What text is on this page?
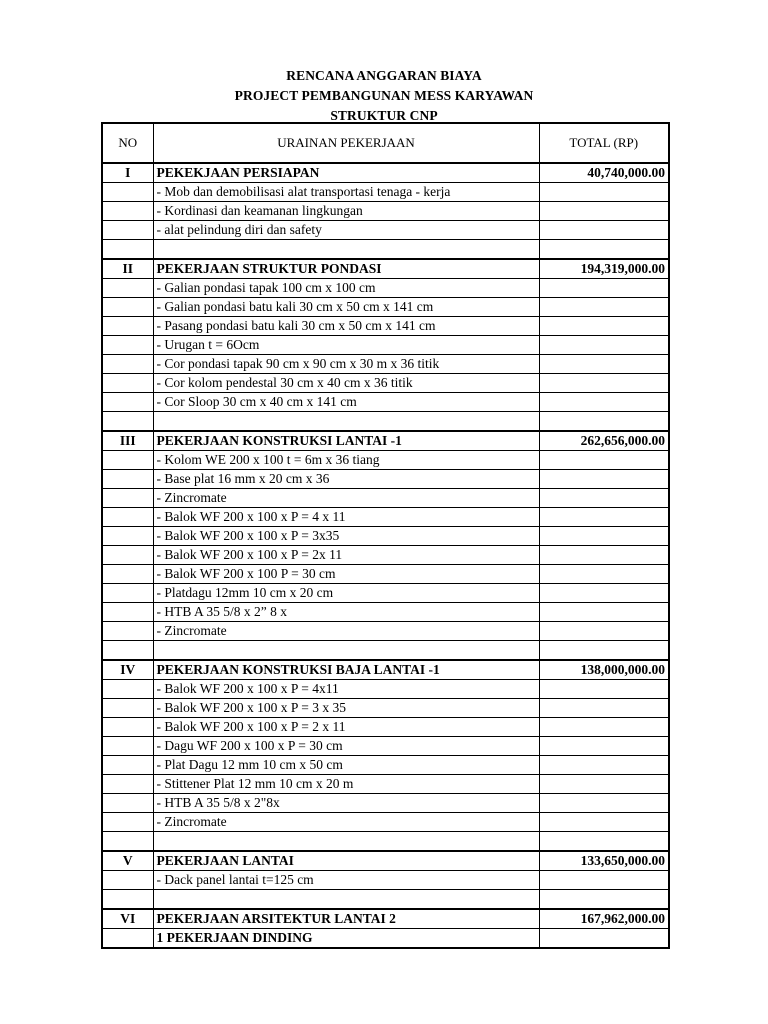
RENCANA ANGGARAN BIAYA
PROJECT PEMBANGUNAN MESS KARYAWAN
STRUKTUR CNP
NO	URAINAN PEKERJAAN	TOTAL (RP)
I	PEKEKJAAN PERSIAPAN	40,740,000.00
	- Mob dan demobilisasi alat transportasi tenaga - kerja	
	- Kordinasi dan keamanan lingkungan	
	- alat pelindung diri dan safety	

II	PEKERJAAN STRUKTUR PONDASI	194,319,000.00
	- Galian pondasi tapak 100 cm x 100 cm	
	- Galian pondasi batu kali 30 cm x 50 cm x 141 cm	
	- Pasang pondasi batu kali 30 cm x 50 cm x 141 cm	
	- Urugan t = 6Ocm	
	- Cor pondasi tapak 90 cm x 90 cm x 30 m x 36 titik	
	- Cor kolom pendestal 30 cm x 40 cm x 36 titik	
	- Cor Sloop 30 cm x 40 cm x 141 cm	

III	PEKERJAAN KONSTRUKSI LANTAI -1	262,656,000.00
	- Kolom WE 200 x 100 t = 6m x 36 tiang	
	- Base plat 16 mm x 20 cm x 36	
	- Zincromate	
	- Balok WF 200 x 100 x P = 4 x 11	
	- Balok WF 200 x 100 x P = 3x35	
	- Balok WF 200 x 100 x P = 2x 11	
	- Balok WF 200 x 100 P = 30 cm	
	- Platdagu 12mm 10 cm x 20 cm	
	- HTB A 35 5/8 x 2” 8 x	
	- Zincromate	

IV	PEKERJAAN KONSTRUKSI BAJA LANTAI -1	138,000,000.00
	- Balok WF 200 x 100 x P = 4x11	
	- Balok WF 200 x 100 x P = 3 x 35	
	- Balok WF 200 x 100 x P = 2 x 11	
	- Dagu WF 200 x 100 x P = 30 cm	
	- Plat Dagu 12 mm 10 cm x 50 cm	
	- Stittener Plat 12 mm 10 cm x 20 m	
	- HTB A 35 5/8 x 2"8x	
	- Zincromate	

V	PEKERJAAN LANTAI	133,650,000.00
	- Dack panel lantai t=125 cm	

VI	PEKERJAAN ARSITEKTUR LANTAI 2	167,962,000.00
	1 PEKERJAAN DINDING	
